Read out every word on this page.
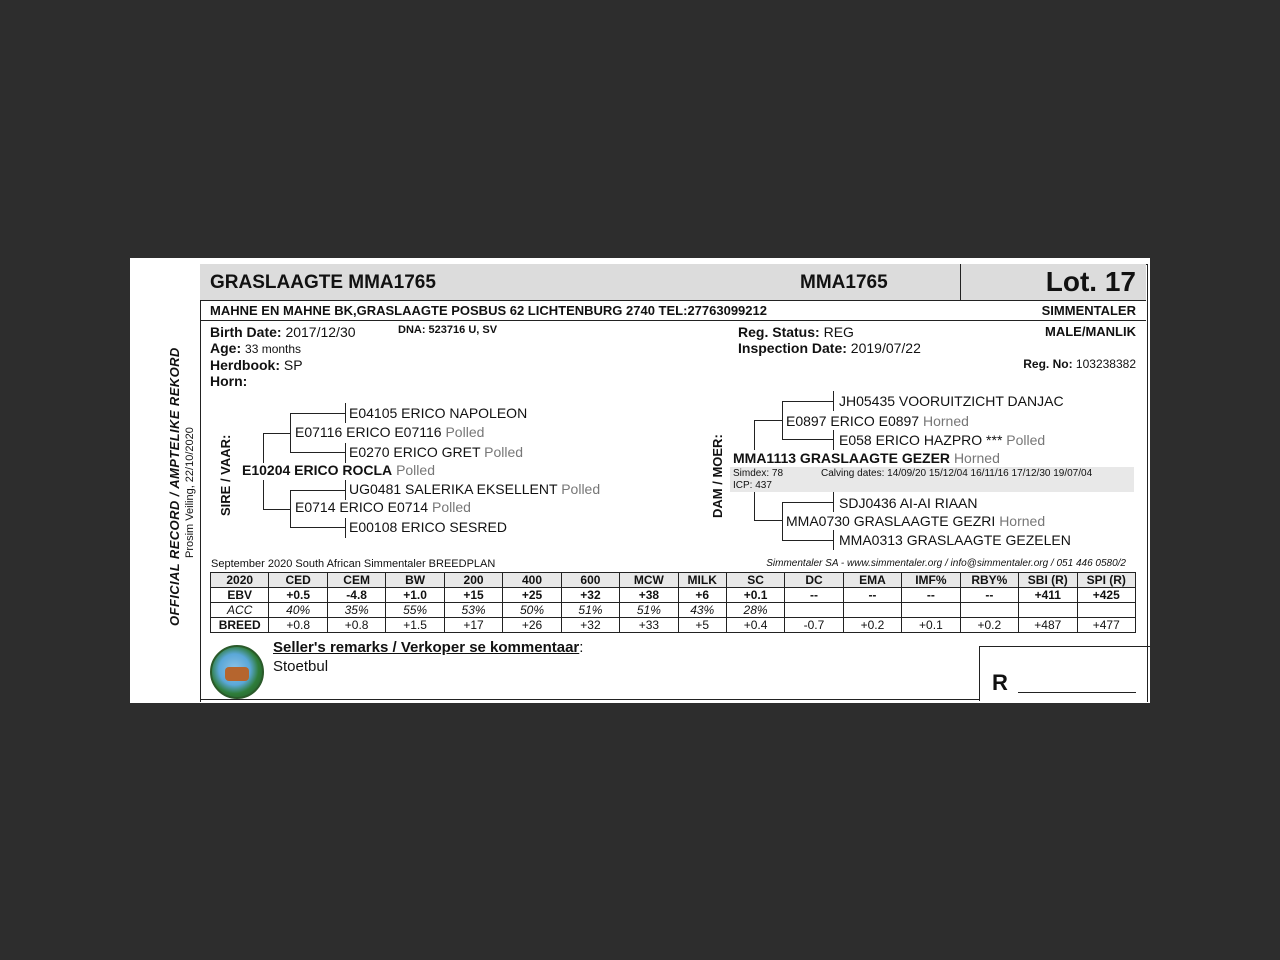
OFFICIAL RECORD / AMPTELIKE REKORD Prosim Veiling, 22/10/2020
GRASLAAGTE MMA1765	MMA1765	Lot. 17
MAHNE EN MAHNE BK,GRASLAAGTE POSBUS 62 LICHTENBURG 2740 TEL:27763099212	SIMMENTALER
Birth Date: 2017/12/30
Age: 33 months
Herdbook: SP
Horn:
DNA: 523716 U, SV	Reg. Status: REG
Inspection Date: 2019/07/22
MALE/MANLIK
Reg. No: 103238382
SIRE / VAAR:
E04105 ERICO NAPOLEON
E07116 ERICO E07116 Polled
E0270 ERICO GRET Polled
E10204 ERICO ROCLA Polled
UG0481 SALERIKA EKSELLENT Polled
E0714 ERICO E0714 Polled
E00108 ERICO SESRED
DAM / MOER:
JH05435 VOORUITZICHT DANJAC
E0897 ERICO E0897 Horned
E058 ERICO HAZPRO *** Polled
MMA1113 GRASLAAGTE GEZER Horned
Simdex: 78	Calving dates: 14/09/20 15/12/04 16/11/16 17/12/30 19/07/04
ICP: 437
SDJ0436 AI-AI RIAAN
MMA0730 GRASLAAGTE GEZRI Horned
MMA0313 GRASLAAGTE GEZELEN
September 2020 South African Simmentaler BREEDPLAN	Simmentaler SA - www.simmentaler.org / info@simmentaler.org / 051 446 0580/2
2020	CED	CEM	BW	200	400	600	MCW	MILK	SC	DC	EMA	IMF%	RBY%	SBI (R)	SPI (R)
EBV	+0.5	-4.8	+1.0	+15	+25	+32	+38	+6	+0.1	--	--	--	--	+411	+425
ACC	40%	35%	55%	53%	50%	51%	51%	43%	28%						
BREED	+0.8	+0.8	+1.5	+17	+26	+32	+33	+5	+0.4	-0.7	+0.2	+0.1	+0.2	+487	+477
Seller's remarks / Verkoper se kommentaar:
Stoetbul
R
